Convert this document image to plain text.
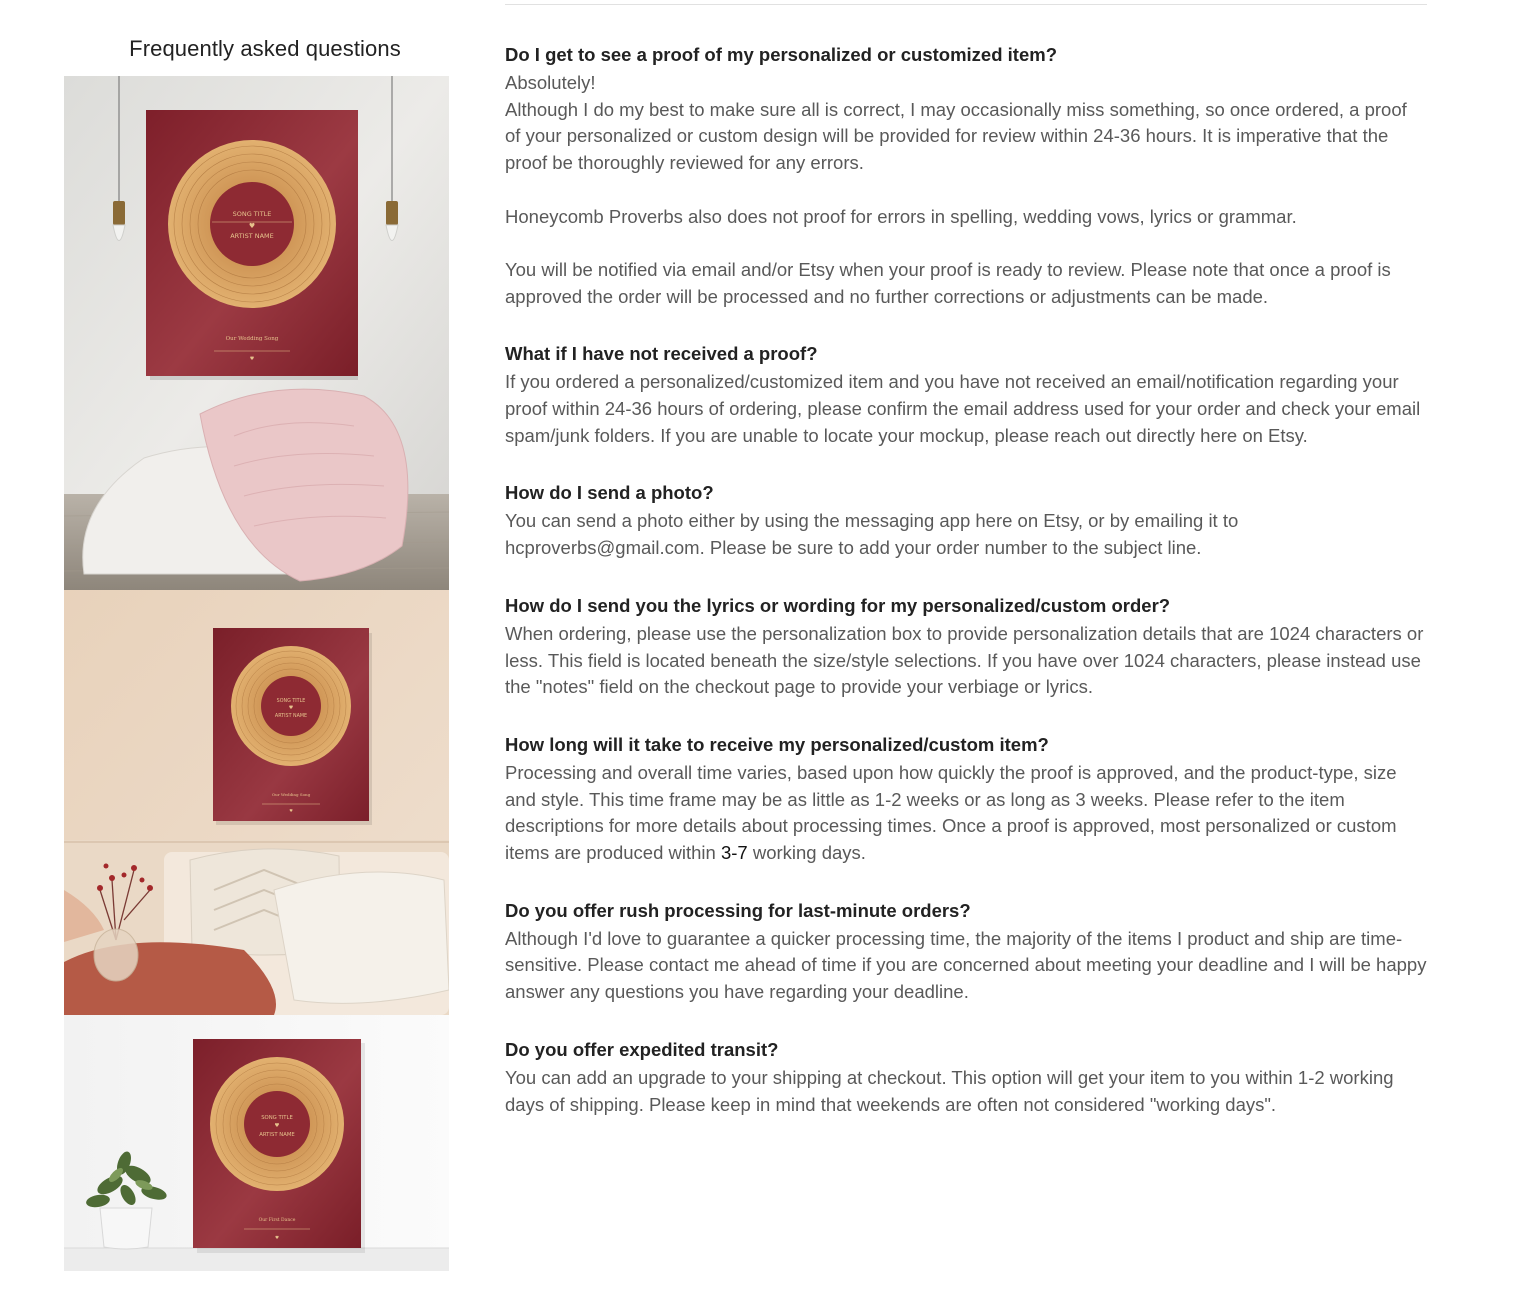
Frequently asked questions
SONG TITLE
♥
ARTIST NAME
Our Wedding Song
♥
SONG TITLE
♥
ARTIST NAME
Our Wedding Song
♥
SONG TITLE
♥
ARTIST NAME
Our First Dance
♥
Do I get to see a proof of my personalized or customized item?

Absolutely!

Although I do my best to make sure all is correct, I may occasionally miss something, so once ordered, a proof of your personalized or custom design will be provided for review within 24-36 hours. It is imperative that the proof be thoroughly reviewed for any errors.

Honeycomb Proverbs also does not proof for errors in spelling, wedding vows, lyrics or grammar.

You will be notified via email and/or Etsy when your proof is ready to review. Please note that once a proof is approved the order will be processed and no further corrections or adjustments can be made.

What if I have not received a proof?

If you ordered a personalized/customized item and you have not received an email/notification regarding your proof within 24-36 hours of ordering, please confirm the email address used for your order and check your email spam/junk folders. If you are unable to locate your mockup, please reach out directly here on Etsy.

How do I send a photo?

You can send a photo either by using the messaging app here on Etsy, or by emailing it to hcproverbs@gmail.com. Please be sure to add your order number to the subject line.

How do I send you the lyrics or wording for my personalized/custom order?

When ordering, please use the personalization box to provide personalization details that are 1024 characters or less. This field is located beneath the size/style selections. If you have over 1024 characters, please instead use the "notes" field on the checkout page to provide your verbiage or lyrics.

How long will it take to receive my personalized/custom item?

Processing and overall time varies, based upon how quickly the proof is approved, and the product-type, size and style. This time frame may be as little as 1-2 weeks or as long as 3 weeks. Please refer to the item descriptions for more details about processing times. Once a proof is approved, most personalized or custom items are produced within 3-7 working days.

Do you offer rush processing for last-minute orders?

Although I'd love to guarantee a quicker processing time, the majority of the items I product and ship are time-sensitive. Please contact me ahead of time if you are concerned about meeting your deadline and I will be happy answer any questions you have regarding your deadline.

Do you offer expedited transit?

You can add an upgrade to your shipping at checkout. This option will get your item to you within 1-2 working days of shipping. Please keep in mind that weekends are often not considered "working days".
